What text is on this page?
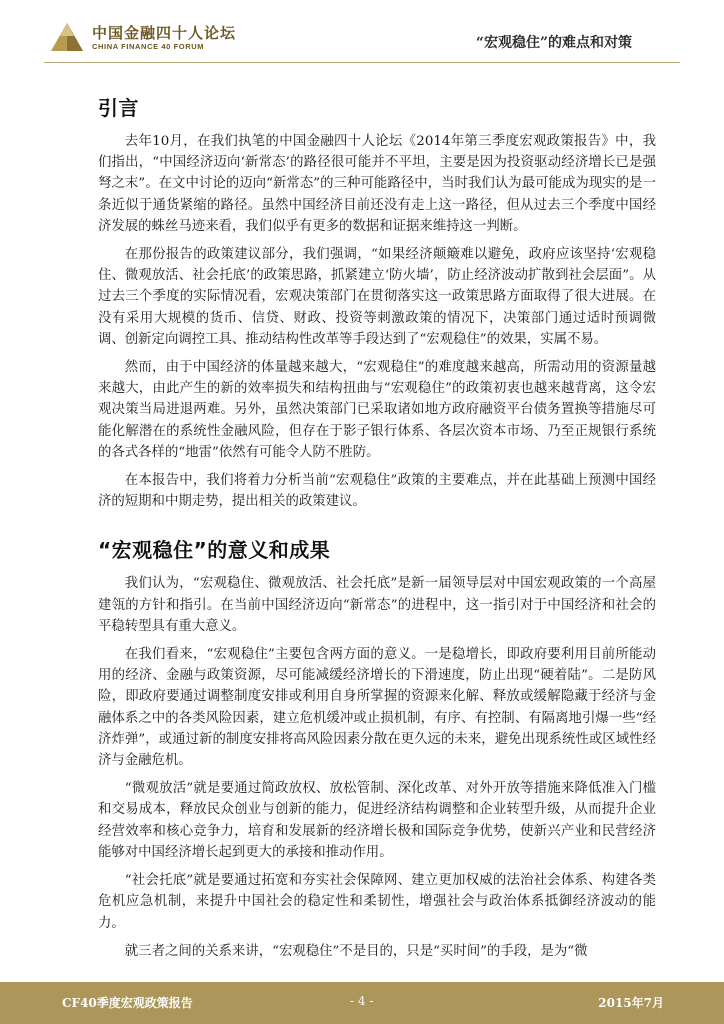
中国金融四十人论坛
CHINA FINANCE 40 FORUM	“宏观稳住”的难点和对策
引言

去年10月，在我们执笔的中国金融四十人论坛《2014年第三季度宏观政策报告》中，我们指出，“中国经济迈向‘新常态’的路径很可能并不平坦，主要是因为投资驱动经济增长已是强弩之末”。在文中讨论的迈向“新常态”的三种可能路径中，当时我们认为最可能成为现实的是一条近似于通货紧缩的路径。虽然中国经济目前还没有走上这一路径，但从过去三个季度中国经济发展的蛛丝马迹来看，我们似乎有更多的数据和证据来维持这一判断。

在那份报告的政策建议部分，我们强调，“如果经济颠簸难以避免，政府应该坚持‘宏观稳住、微观放活、社会托底’的政策思路，抓紧建立‘防火墙’，防止经济波动扩散到社会层面”。从过去三个季度的实际情况看，宏观决策部门在贯彻落实这一政策思路方面取得了很大进展。在没有采用大规模的货币、信贷、财政、投资等刺激政策的情况下，决策部门通过适时预调微调、创新定向调控工具、推动结构性改革等手段达到了“宏观稳住”的效果，实属不易。

然而，由于中国经济的体量越来越大，“宏观稳住”的难度越来越高，所需动用的资源量越来越大，由此产生的新的效率损失和结构扭曲与“宏观稳住”的政策初衷也越来越背离，这令宏观决策当局进退两难。另外，虽然决策部门已采取诸如地方政府融资平台债务置换等措施尽可能化解潜在的系统性金融风险，但存在于影子银行体系、各层次资本市场、乃至正规银行系统的各式各样的“地雷”依然有可能令人防不胜防。

在本报告中，我们将着力分析当前“宏观稳住”政策的主要难点，并在此基础上预测中国经济的短期和中期走势，提出相关的政策建议。

“宏观稳住”的意义和成果

我们认为，“宏观稳住、微观放活、社会托底”是新一届领导层对中国宏观政策的一个高屋建瓴的方针和指引。在当前中国经济迈向“新常态”的进程中，这一指引对于中国经济和社会的平稳转型具有重大意义。

在我们看来，“宏观稳住”主要包含两方面的意义。一是稳增长，即政府要利用目前所能动用的经济、金融与政策资源，尽可能减缓经济增长的下滑速度，防止出现“硬着陆”。二是防风险，即政府要通过调整制度安排或利用自身所掌握的资源来化解、释放或缓解隐藏于经济与金融体系之中的各类风险因素，建立危机缓冲或止损机制，有序、有控制、有隔离地引爆一些“经济炸弹”，或通过新的制度安排将高风险因素分散在更久远的未来，避免出现系统性或区域性经济与金融危机。

“微观放活”就是要通过简政放权、放松管制、深化改革、对外开放等措施来降低准入门槛和交易成本，释放民众创业与创新的能力，促进经济结构调整和企业转型升级，从而提升企业经营效率和核心竞争力，培育和发展新的经济增长极和国际竞争优势，使新兴产业和民营经济能够对中国经济增长起到更大的承接和推动作用。

“社会托底”就是要通过拓宽和夯实社会保障网、建立更加权威的法治社会体系、构建各类危机应急机制，来提升中国社会的稳定性和柔韧性，增强社会与政治体系抵御经济波动的能力。

就三者之间的关系来讲，“宏观稳住”不是目的，只是“买时间”的手段，是为“微

CF40季度宏观政策报告	- 4 -	2015年7月
